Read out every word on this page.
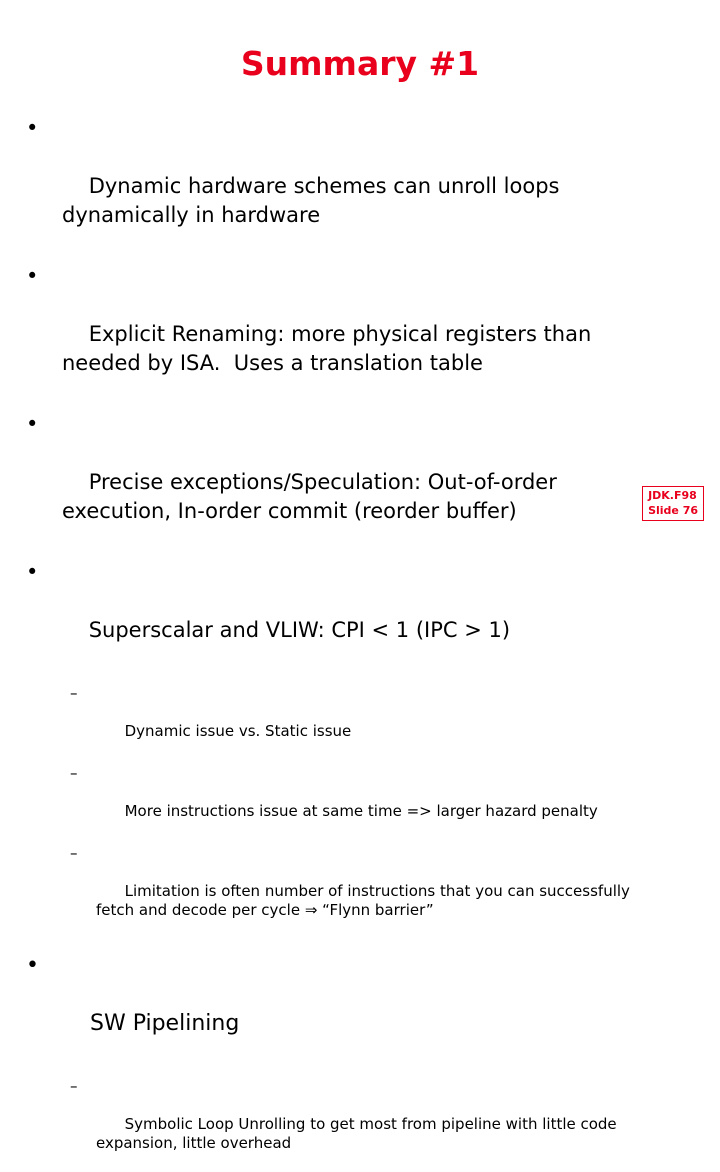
Summary #1

•

Dynamic hardware schemes can unroll loops
dynamically in hardware

•

Explicit Renaming: more physical registers than
needed by ISA.  Uses a translation table

•

Precise exceptions/Speculation: Out-of-order
execution, In-order commit (reorder buffer)

•

Superscalar and VLIW: CPI < 1 (IPC > 1)

–

Dynamic issue vs. Static issue

–

More instructions issue at same time => larger hazard penalty

–

Limitation is often number of instructions that you can successfully
fetch and decode per cycle ⇒ “Flynn barrier”

•

SW Pipelining

–

Symbolic Loop Unrolling to get most from pipeline with little code
expansion, little overhead

JDK.F98
Slide 76
